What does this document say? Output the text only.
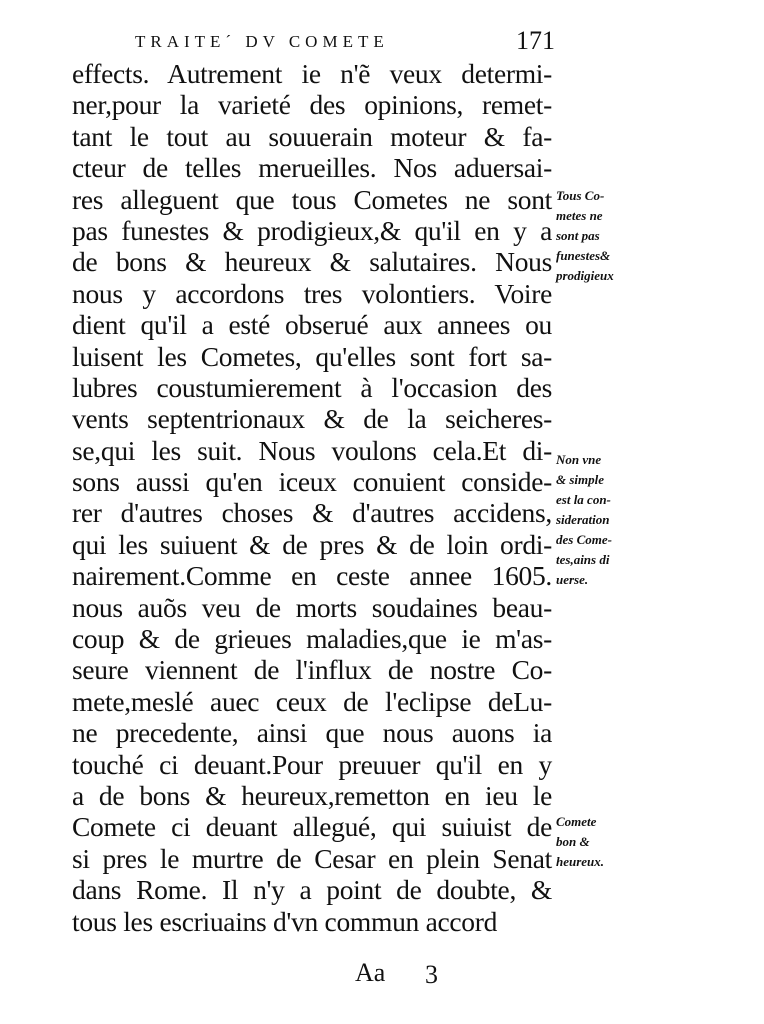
TRAITE´ DV COMETE	171
effects. Autrement ie n'ẽ veux determi-
ner,pour la varieté des opinions, remet-
tant le tout au souuerain moteur & fa-
cteur de telles merueilles. Nos aduersai-
res alleguent que tous Cometes ne sont
pas funestes & prodigieux,& qu'il en y a
de bons & heureux & salutaires. Nous
nous y accordons tres volontiers. Voire
dient qu'il a esté obserué aux annees ou
luisent les Cometes, qu'elles sont fort sa-
lubres coustumierement à l'occasion des
vents septentrionaux & de la seicheres-
se,qui les suit. Nous voulons cela.Et di-
sons aussi qu'en iceux conuient conside-
rer d'autres choses & d'autres accidens,
qui les suiuent & de pres & de loin ordi-
nairement.Comme en ceste annee 1605.
nous auõs veu de morts soudaines beau-
coup & de grieues maladies,que ie m'as-
seure viennent de l'influx de nostre Co-
mete,meslé auec ceux de l'eclipse deLu-
ne precedente, ainsi que nous auons ia
touché ci deuant.Pour preuuer qu'il en y
a de bons & heureux,remetton en ieu le
Comete ci deuant allegué, qui suiuist de
si pres le murtre de Cesar en plein Senat
dans Rome. Il n'y a point de doubte, &
tous les escriuains d'vn commun accord
Tous Co-
metes ne
sont pas
funestes&
prodigieux
Non vne
& simple
est la con-
sideration
des Come-
tes,ains di
uerse.
Comete
bon &
heureux.
Aa 3
